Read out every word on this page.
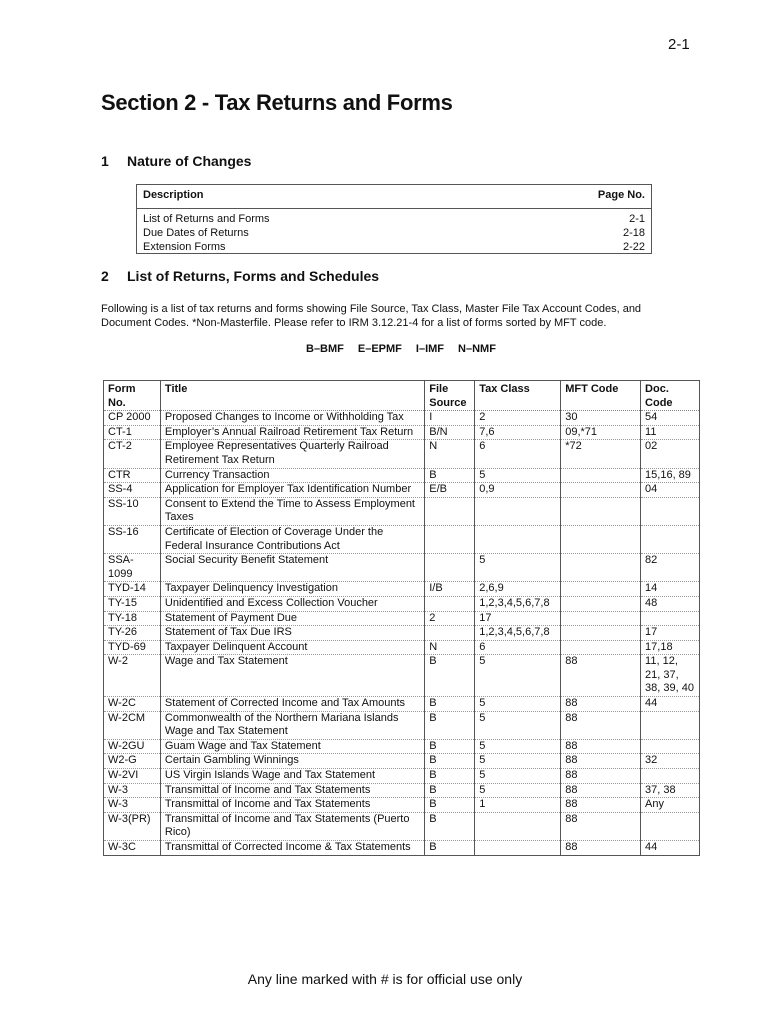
2-1
Section 2 - Tax Returns and Forms
1 Nature of Changes
Description	Page No.
List of Returns and Forms	2-1
Due Dates of Returns	2-18
Extension Forms	2-22
2 List of Returns, Forms and Schedules

Following is a list of tax returns and forms showing File Source, Tax Class, Master File Tax Account Codes, and Document Codes. *Non-Masterfile. Please refer to IRM 3.12.21-4 for a list of forms sorted by MFT code.

B–BMF E–EPMF I–IMF N–NMF
Form No.	Title	File Source	Tax Class	MFT Code	Doc. Code
CP 2000	Proposed Changes to Income or Withholding Tax	I	2	30	54
CT-1	Employer’s Annual Railroad Retirement Tax Return	B/N	7,6	09,*71	11
CT-2	Employee Representatives Quarterly Railroad Retirement Tax Return	N	6	*72	02
CTR	Currency Transaction	B	5		15,16, 89
SS-4	Application for Employer Tax Identification Number	E/B	0,9		04
SS-10	Consent to Extend the Time to Assess Employment Taxes				
SS-16	Certificate of Election of Coverage Under the Federal Insurance Contributions Act				
SSA-1099	Social Security Benefit Statement		5		82
TYD-14	Taxpayer Delinquency Investigation	I/B	2,6,9		14
TY-15	Unidentified and Excess Collection Voucher		1,2,3,4,5,6,7,8		48
TY-18	Statement of Payment Due	2	17		
TY-26	Statement of Tax Due IRS		1,2,3,4,5,6,7,8		17
TYD-69	Taxpayer Delinquent Account	N	6		17,18
W-2	Wage and Tax Statement	B	5	88	11, 12, 21, 37, 38, 39, 40
W-2C	Statement of Corrected Income and Tax Amounts	B	5	88	44
W-2CM	Commonwealth of the Northern Mariana Islands Wage and Tax Statement	B	5	88	
W-2GU	Guam Wage and Tax Statement	B	5	88	
W2-G	Certain Gambling Winnings	B	5	88	32
W-2VI	US Virgin Islands Wage and Tax Statement	B	5	88	
W-3	Transmittal of Income and Tax Statements	B	5	88	37, 38
W-3	Transmittal of Income and Tax Statements	B	1	88	Any
W-3(PR)	Transmittal of Income and Tax Statements (Puerto Rico)	B		88	
W-3C	Transmittal of Corrected Income & Tax Statements	B		88	44
Any line marked with # is for official use only
